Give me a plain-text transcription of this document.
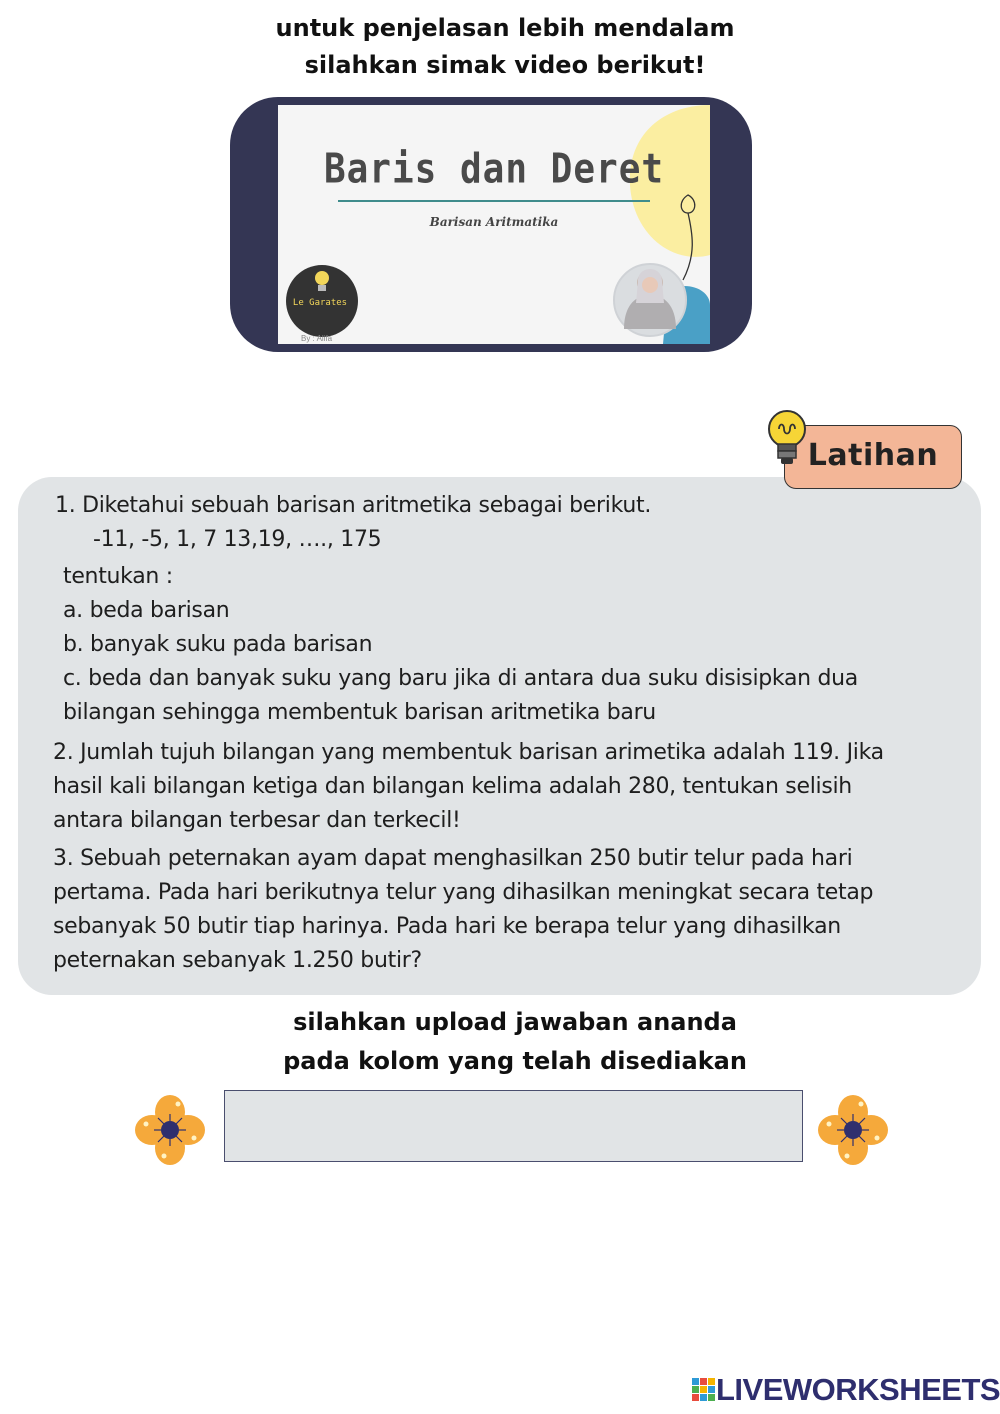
untuk penjelasan lebih mendalam
silahkan simak video berikut!
Baris dan Deret
Barisan Aritmatika
Le Garates
By : Alifa
1. Diketahui sebuah barisan aritmetika sebagai berikut.
-11, -5, 1, 7 13,19, …., 175
tentukan :
a. beda barisan
b. banyak suku pada barisan
c. beda dan banyak suku yang baru jika di antara dua suku disisipkan dua
bilangan sehingga membentuk barisan aritmetika baru
2. Jumlah tujuh bilangan yang membentuk barisan arimetika adalah 119. Jika
hasil kali bilangan ketiga dan bilangan kelima adalah 280, tentukan selisih
antara bilangan terbesar dan terkecil!
3. Sebuah peternakan ayam dapat menghasilkan 250 butir telur pada hari
pertama. Pada hari berikutnya telur yang dihasilkan meningkat secara tetap
sebanyak 50 butir tiap harinya. Pada hari ke berapa telur yang dihasilkan
peternakan sebanyak 1.250 butir?
Latihan
silahkan upload jawaban ananda
pada kolom yang telah disediakan
LIVEWORKSHEETS
